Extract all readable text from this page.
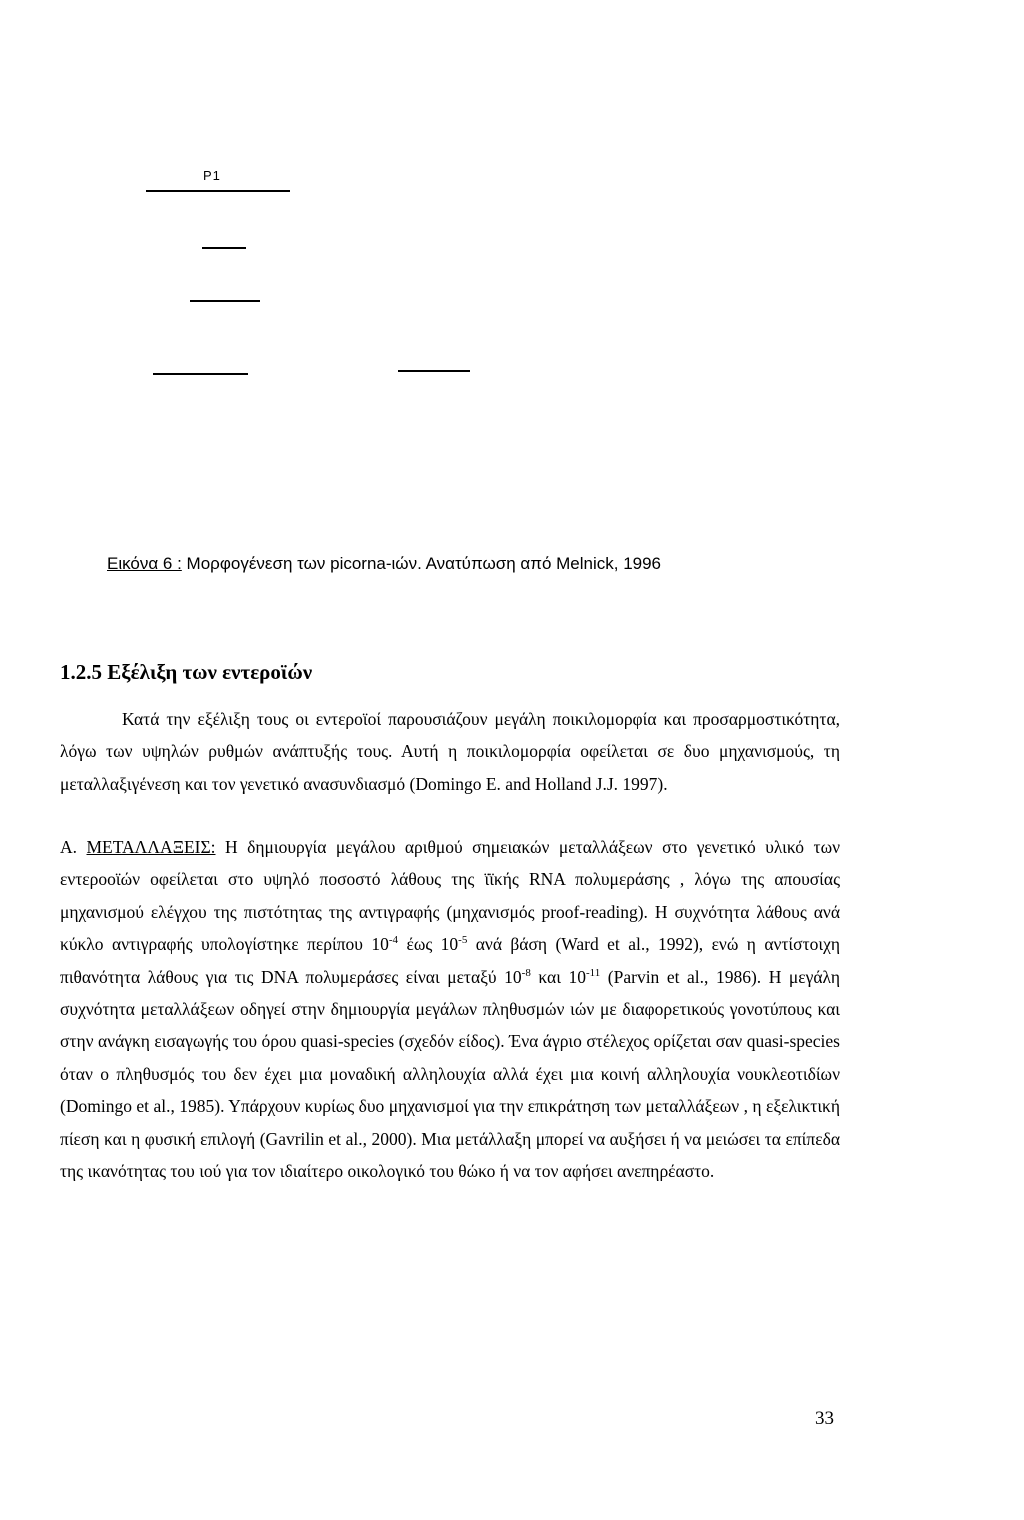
P1
Εικόνα 6 : Μορφογένεση των picorna-ιών. Ανατύπωση από Melnick, 1996
1.2.5 Εξέλιξη των εντεροϊών
Κατά την εξέλιξη τους οι εντεροϊοί παρουσιάζουν μεγάλη ποικιλομορφία και προσαρμοστικότητα, λόγω των υψηλών ρυθμών ανάπτυξής τους. Αυτή η ποικιλομορφία οφείλεται σε δυο μηχανισμούς, τη μεταλλαξιγένεση και τον γενετικό ανασυνδιασμό (Domingo E. and Holland J.J. 1997).
Α. ΜΕΤΑΛΛΑΞΕΙΣ: Η δημιουργία μεγάλου αριθμού σημειακών μεταλλάξεων στο γενετικό υλικό των εντεροοϊών οφείλεται στο υψηλό ποσοστό λάθους της ϊϊκής RNA πολυμεράσης , λόγω της απουσίας μηχανισμού ελέγχου της πιστότητας της αντιγραφής (μηχανισμός proof-reading). Η συχνότητα λάθους ανά κύκλο αντιγραφής υπολογίστηκε περίπου $10^{-4}$ έως $10^{-5}$ ανά βάση (Ward et al., 1992), ενώ η αντίστοιχη πιθανότητα λάθους για τις DNA πολυμεράσες είναι μεταξύ $10^{-8}$ και $10^{-11}$ (Parvin et al., 1986). Η μεγάλη συχνότητα μεταλλάξεων οδηγεί στην δημιουργία μεγάλων πληθυσμών ιών με διαφορετικούς γονοτύπους και στην ανάγκη εισαγωγής του όρου quasi-species (σχεδόν είδος). Ένα άγριο στέλεχος ορίζεται σαν quasi-species όταν ο πληθυσμός του δεν έχει μια μοναδική αλληλουχία αλλά έχει μια κοινή αλληλουχία νουκλεοτιδίων (Domingo et al., 1985). Υπάρχουν κυρίως δυο μηχανισμοί για την επικράτηση των μεταλλάξεων , η εξελικτική πίεση και η φυσική επιλογή (Gavrilin et al., 2000). Μια μετάλλαξη μπορεί να αυξήσει ή να μειώσει τα επίπεδα της ικανότητας του ιού για τον ιδιαίτερο οικολογικό του θώκο ή να τον αφήσει ανεπηρέαστο.
33
